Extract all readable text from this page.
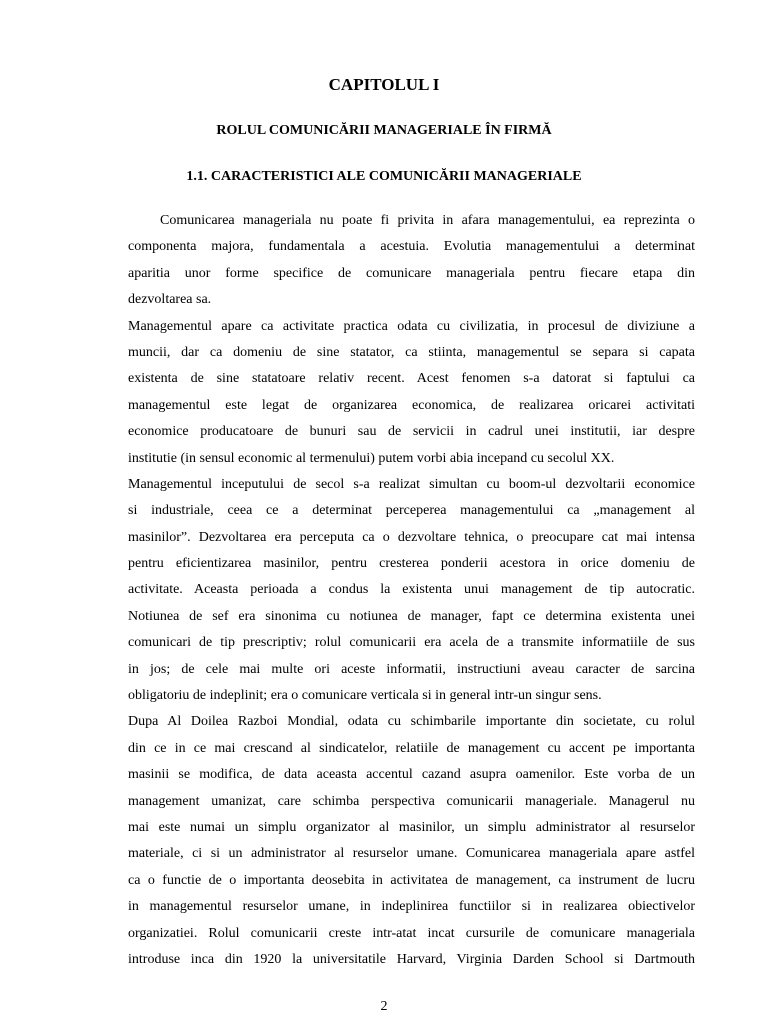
CAPITOLUL I
ROLUL COMUNICĂRII MANAGERIALE ÎN FIRMĂ
1.1. CARACTERISTICI ALE COMUNICĂRII MANAGERIALE
Comunicarea manageriala nu poate fi privita in afara managementului, ea reprezinta o
componenta majora, fundamentala a acestuia. Evolutia managementului a determinat
aparitia unor forme specifice de comunicare manageriala pentru fiecare etapa din
dezvoltarea sa.
Managementul apare ca activitate practica odata cu civilizatia, in procesul de diviziune a
muncii, dar ca domeniu de sine statator, ca stiinta, managementul se separa si capata
existenta de sine statatoare relativ recent. Acest fenomen s-a datorat si faptului ca
managementul este legat de organizarea economica, de realizarea oricarei activitati
economice producatoare de bunuri sau de servicii in cadrul unei institutii, iar despre
institutie (in sensul economic al termenului) putem vorbi abia incepand cu secolul XX.
Managementul inceputului de secol s-a realizat simultan cu boom-ul dezvoltarii economice
si industriale, ceea ce a determinat perceperea managementului ca „management al
masinilor”. Dezvoltarea era perceputa ca o dezvoltare tehnica, o preocupare cat mai intensa
pentru eficientizarea masinilor, pentru cresterea ponderii acestora in orice domeniu de
activitate. Aceasta perioada a condus la existenta unui management de tip autocratic.
Notiunea de sef era sinonima cu notiunea de manager, fapt ce determina existenta unei
comunicari de tip prescriptiv; rolul comunicarii era acela de a transmite informatiile de sus
in jos; de cele mai multe ori aceste informatii, instructiuni aveau caracter de sarcina
obligatoriu de indeplinit; era o comunicare verticala si in general intr-un singur sens.
Dupa Al Doilea Razboi Mondial, odata cu schimbarile importante din societate, cu rolul
din ce in ce mai crescand al sindicatelor, relatiile de management cu accent pe importanta
masinii se modifica, de data aceasta accentul cazand asupra oamenilor. Este vorba de un
management umanizat, care schimba perspectiva comunicarii manageriale. Managerul nu
mai este numai un simplu organizator al masinilor, un simplu administrator al resurselor
materiale, ci si un administrator al resurselor umane. Comunicarea manageriala apare astfel
ca o functie de o importanta deosebita in activitatea de management, ca instrument de lucru
in managementul resurselor umane, in indeplinirea functiilor si in realizarea obiectivelor
organizatiei. Rolul comunicarii creste intr-atat incat cursurile de comunicare manageriala
introduse inca din 1920 la universitatile Harvard, Virginia Darden School si Dartmouth
2
